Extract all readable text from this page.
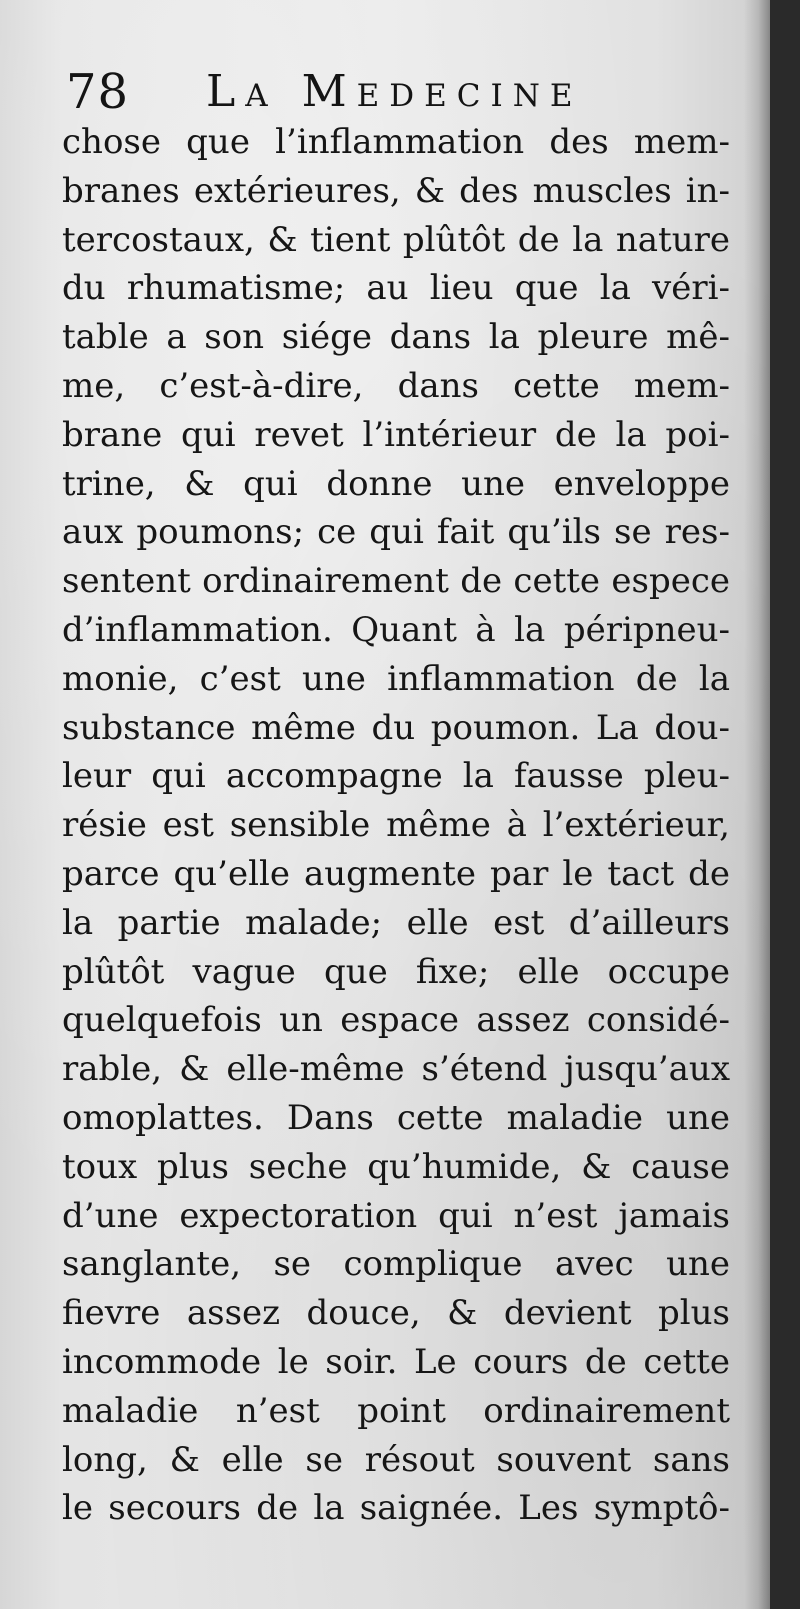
78 La Medecine
chose que l’inflammation des mem-
branes extérieures, & des muscles in-
tercostaux, & tient plûtôt de la nature
du rhumatisme; au lieu que la véri-
table a son siége dans la pleure mê-
me, c’est-à-dire, dans cette mem-
brane qui revet l’intérieur de la poi-
trine, & qui donne une enveloppe
aux poumons; ce qui fait qu’ils se res-
sentent ordinairement de cette espece
d’inflammation. Quant à la péripneu-
monie, c’est une inflammation de la
substance même du poumon. La dou-
leur qui accompagne la fausse pleu-
résie est sensible même à l’extérieur,
parce qu’elle augmente par le tact de
la partie malade; elle est d’ailleurs
plûtôt vague que fixe; elle occupe
quelquefois un espace assez considé-
rable, & elle-même s’étend jusqu’aux
omoplattes. Dans cette maladie une
toux plus seche qu’humide, & cause
d’une expectoration qui n’est jamais
sanglante, se complique avec une
fievre assez douce, & devient plus
incommode le soir. Le cours de cette
maladie n’est point ordinairement
long, & elle se résout souvent sans
le secours de la saignée. Les symptô-
